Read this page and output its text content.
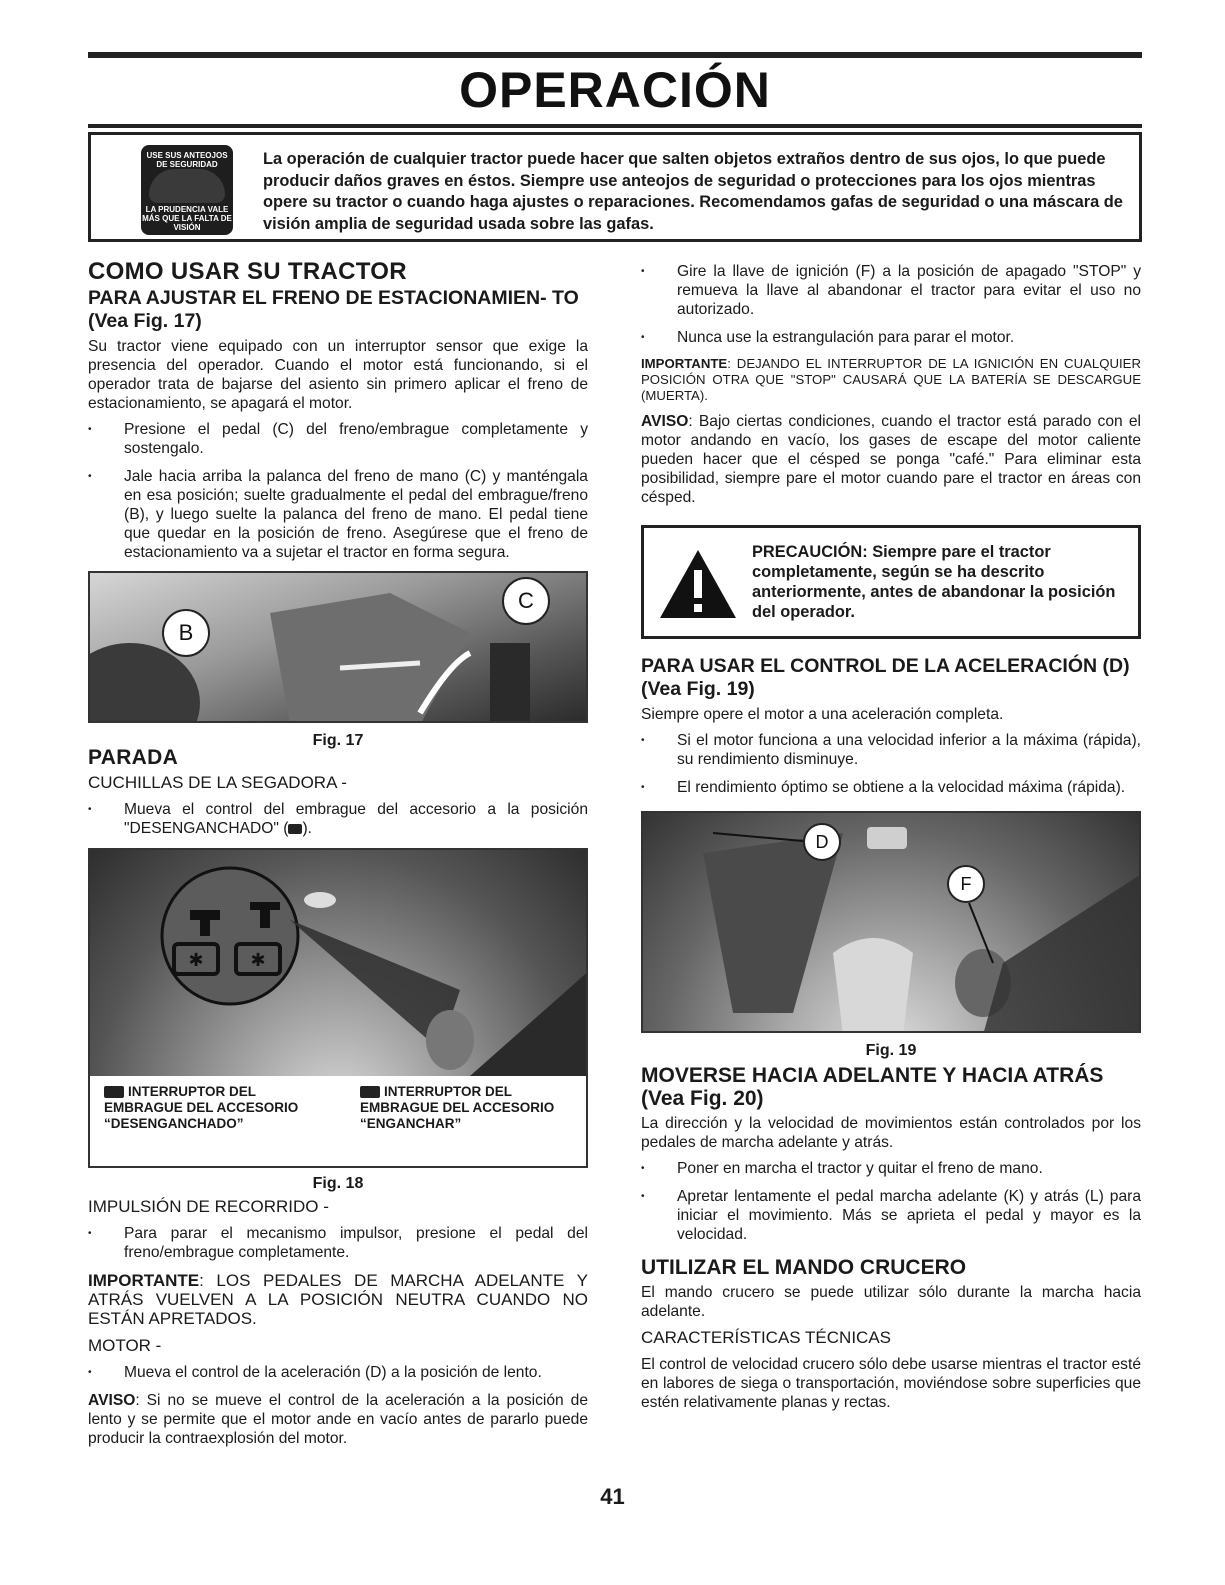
OPERACIÓN
USE SUS ANTEOJOS DE SEGURIDAD
LA PRUDENCIA VALE MÁS QUE LA FALTA DE VISIÓN
La operación de cualquier tractor puede hacer que salten objetos extraños dentro de sus ojos, lo que puede producir daños graves en éstos. Siempre use anteojos de seguridad o protecciones para los ojos mientras opere su tractor o cuando haga ajustes o reparaciones. Recomendamos gafas de seguridad o una máscara de visión amplia de seguridad usada sobre las gafas.
COMO USAR SU TRACTOR
PARA AJUSTAR EL FRENO DE ESTACIONAMIEN- TO (Vea Fig. 17)

Su tractor viene equipado con un interruptor sensor que exige la presencia del operador. Cuando el motor está funcionando, si el operador trata de bajarse del asiento sin primero aplicar el freno de estacionamiento, se apagará el motor.

• Presione el pedal (C) del freno/embrague completamente y sostengalo.
• Jale hacia arriba la palanca del freno de mano (C) y manténgala en esa posición; suelte gradualmente el pedal del embrague/freno (B), y luego suelte la palanca del freno de mano. El pedal tiene que quedar en la posición de freno. Asegúrese que el freno de estacionamiento va a sujetar el tractor en forma segura.
B
C
Fig. 17
PARADA
CUCHILLAS DE LA SEGADORA -
• Mueva el control del embrague del accesorio a la posición "DESENGANCHADO" ( ).
✱	✱
INTERRUPTOR DEL EMBRAGUE DEL ACCESORIO “DESENGANCHADO”
INTERRUPTOR DEL EMBRAGUE DEL ACCESORIO “ENGANCHAR”
Fig. 18
IMPULSIÓN DE RECORRIDO -
• Para parar el mecanismo impulsor, presione el pedal del freno/embrague completamente.

IMPORTANTE: LOS PEDALES DE MARCHA ADELANTE Y ATRÁS VUELVEN A LA POSICIÓN NEUTRA CUANDO NO ESTÁN APRETADOS.

MOTOR -
• Mueva el control de la aceleración (D) a la posición de lento.

AVISO: Si no se mueve el control de la aceleración a la posición de lento y se permite que el motor ande en vacío antes de pararlo puede producir la contraexplosión del motor.

• Gire la llave de ignición (F) a la posición de apagado "STOP" y remueva la llave al abandonar el tractor para evitar el uso no autorizado.
• Nunca use la estrangulación para parar el motor.

IMPORTANTE: DEJANDO EL INTERRUPTOR DE LA IGNICIÓN EN CUALQUIER POSICIÓN OTRA QUE "STOP" CAUSARÁ QUE LA BATERÍA SE DESCARGUE (MUERTA).

AVISO: Bajo ciertas condiciones, cuando el tractor está parado con el motor andando en vacío, los gases de escape del motor caliente pueden hacer que el césped se ponga "café." Para eliminar esta posibilidad, siempre pare el motor cuando pare el tractor en áreas con césped.

PRECAUCIÓN: Siempre pare el tractor completamente, según se ha descrito anteriormente, antes de abandonar la posición del operador.
PARA USAR EL CONTROL DE LA ACELERACIÓN (D) (Vea Fig. 19)

Siempre opere el motor a una aceleración completa.

• Si el motor funciona a una velocidad inferior a la máxima (rápida), su rendimiento disminuye.
• El rendimiento óptimo se obtiene a la velocidad máxima (rápida).
D
F
Fig. 19
MOVERSE HACIA ADELANTE Y HACIA ATRÁS (Vea Fig. 20)

La dirección y la velocidad de movimientos están controlados por los pedales de marcha adelante y atrás.

• Poner en marcha el tractor y quitar el freno de mano.
• Apretar lentamente el pedal marcha adelante (K) y atrás (L) para iniciar el movimiento. Más se aprieta el pedal y mayor es la velocidad.
UTILIZAR EL MANDO CRUCERO

El mando crucero se puede utilizar sólo durante la marcha hacia adelante.

CARACTERÍSTICAS TÉCNICAS

El control de velocidad crucero sólo debe usarse mientras el tractor esté en labores de siega o transportación, moviéndose sobre superficies que estén relativamente planas y rectas.

41
